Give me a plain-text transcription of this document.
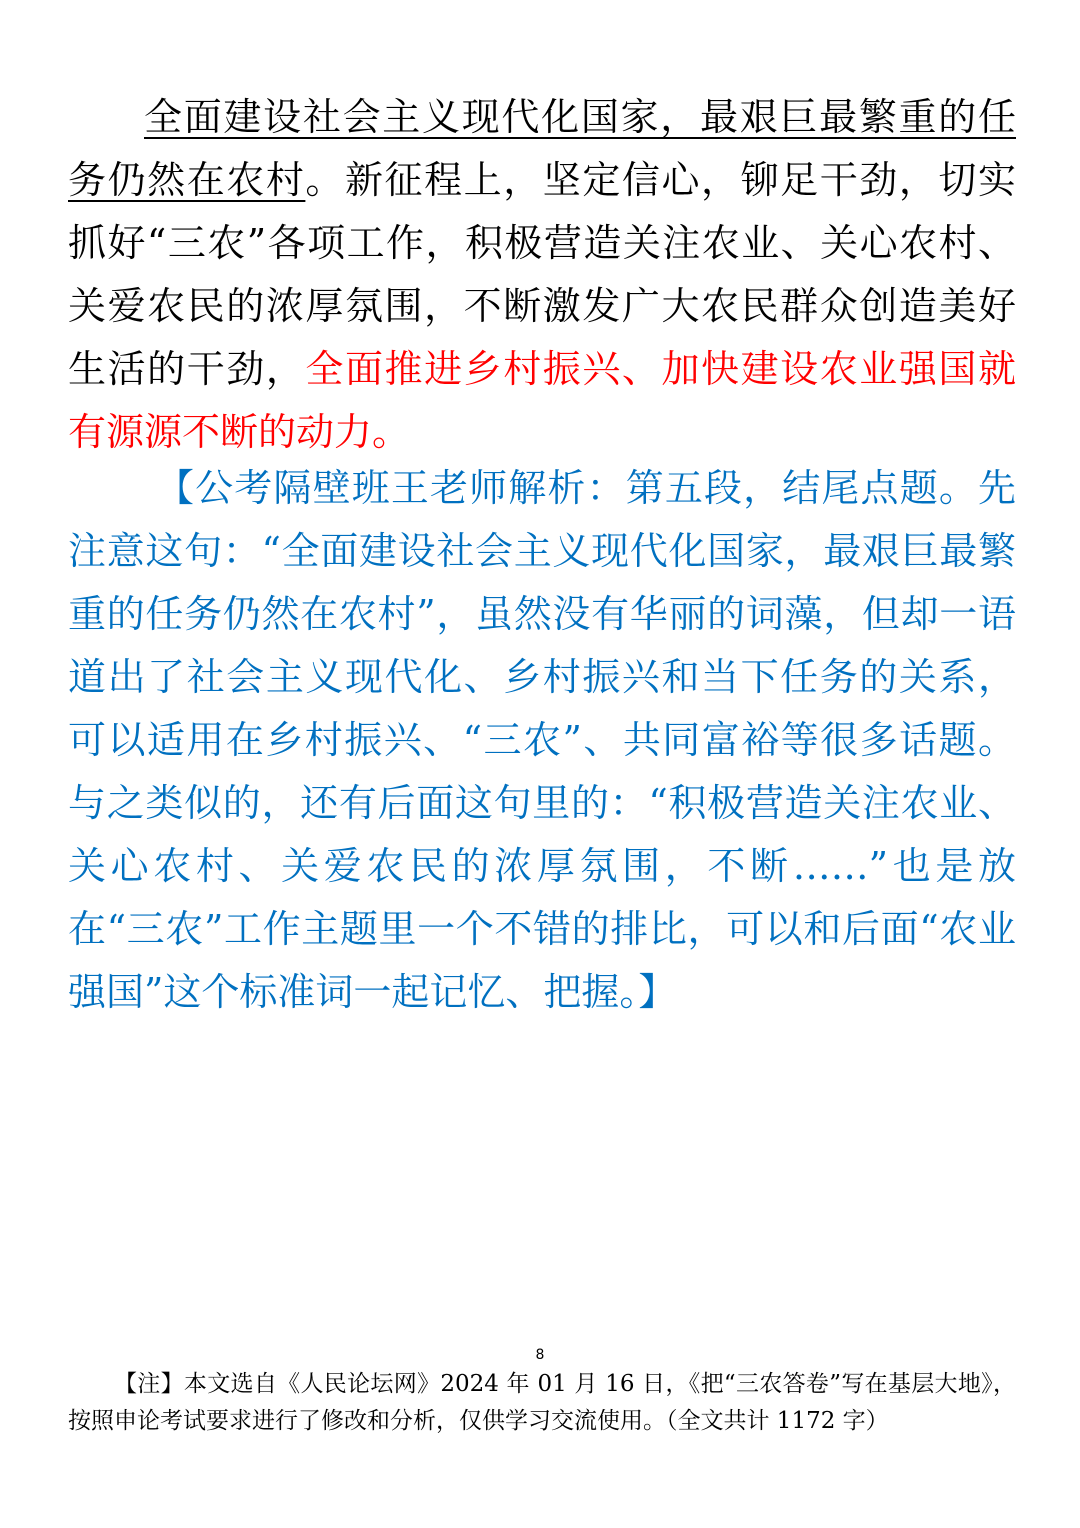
全面建设社会主义现代化国家，最艰巨最繁重的任务仍然在农村。新征程上，坚定信心，铆足干劲，切实抓好“三农”各项工作，积极营造关注农业、关心农村、关爱农民的浓厚氛围，不断激发广大农民群众创造美好生活的干劲，全面推进乡村振兴、加快建设农业强国就有源源不断的动力。

【公考隔壁班王老师解析：第五段，结尾点题。先注意这句：“全面建设社会主义现代化国家，最艰巨最繁重的任务仍然在农村”，虽然没有华丽的词藻，但却一语道出了社会主义现代化、乡村振兴和当下任务的关系，可以适用在乡村振兴、“三农”、共同富裕等很多话题。与之类似的，还有后面这句里的：“积极营造关注农业、关心农村、关爱农民的浓厚氛围，不断……”也是放在“三农”工作主题里一个不错的排比，可以和后面“农业强国”这个标准词一起记忆、把握。】

8

【注】本文选自《人民论坛网》2024 年 01 月 16 日，《把“三农答卷”写在基层大地》，按照申论考试要求进行了修改和分析，仅供学习交流使用。（全文共计 1172 字）
